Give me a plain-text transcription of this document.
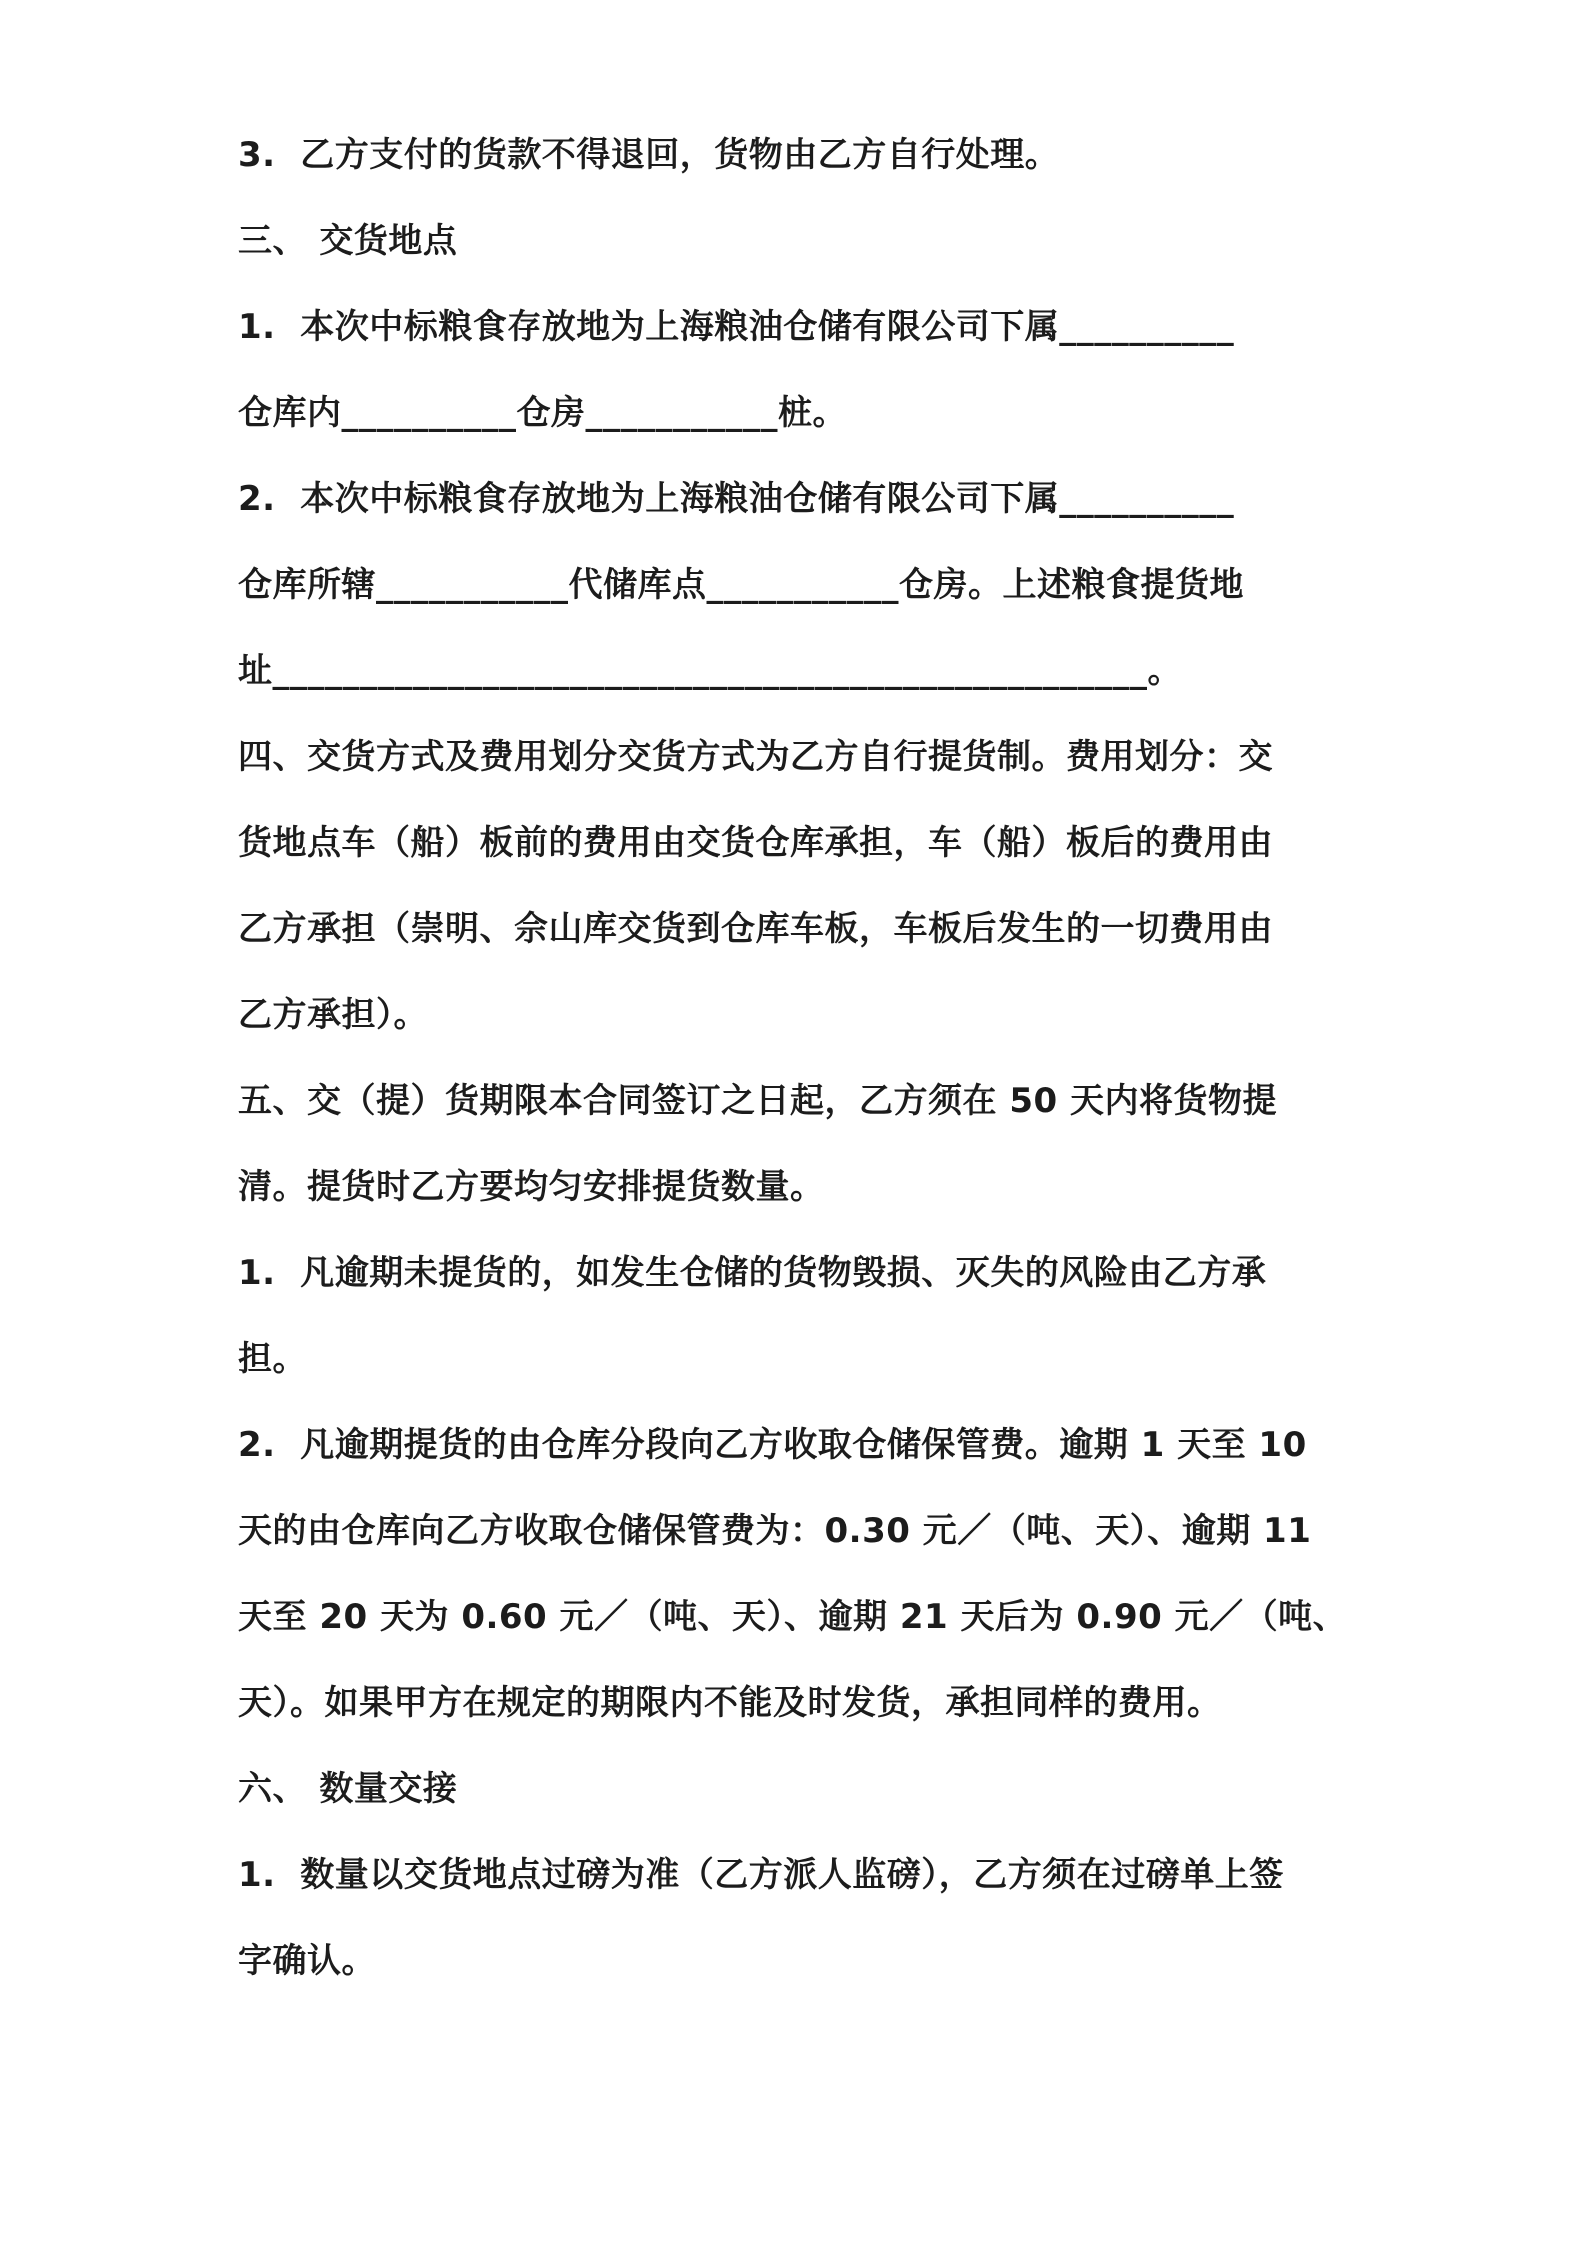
3.  乙方支付的货款不得退回，货物由乙方自行处理。
三、 交货地点
1.  本次中标粮食存放地为上海粮油仓储有限公司下属__________
仓库内__________仓房___________桩。
2.  本次中标粮食存放地为上海粮油仓储有限公司下属__________
仓库所辖___________代储库点___________仓房。上述粮食提货地
址__________________________________________________。
四、交货方式及费用划分交货方式为乙方自行提货制。费用划分：交
货地点车（船）板前的费用由交货仓库承担，车（船）板后的费用由
乙方承担（崇明、佘山库交货到仓库车板，车板后发生的一切费用由
乙方承担）。
五、交（提）货期限本合同签订之日起，乙方须在 50 天内将货物提
清。提货时乙方要均匀安排提货数量。
1.  凡逾期未提货的，如发生仓储的货物毁损、灭失的风险由乙方承
担。
2.  凡逾期提货的由仓库分段向乙方收取仓储保管费。逾期 1 天至 10
天的由仓库向乙方收取仓储保管费为：0.30 元／（吨、天）、逾期 11
天至 20 天为 0.60 元／（吨、天）、逾期 21 天后为 0.90 元／（吨、
天）。如果甲方在规定的期限内不能及时发货，承担同样的费用。
六、 数量交接
1.  数量以交货地点过磅为准（乙方派人监磅），乙方须在过磅单上签
字确认。
